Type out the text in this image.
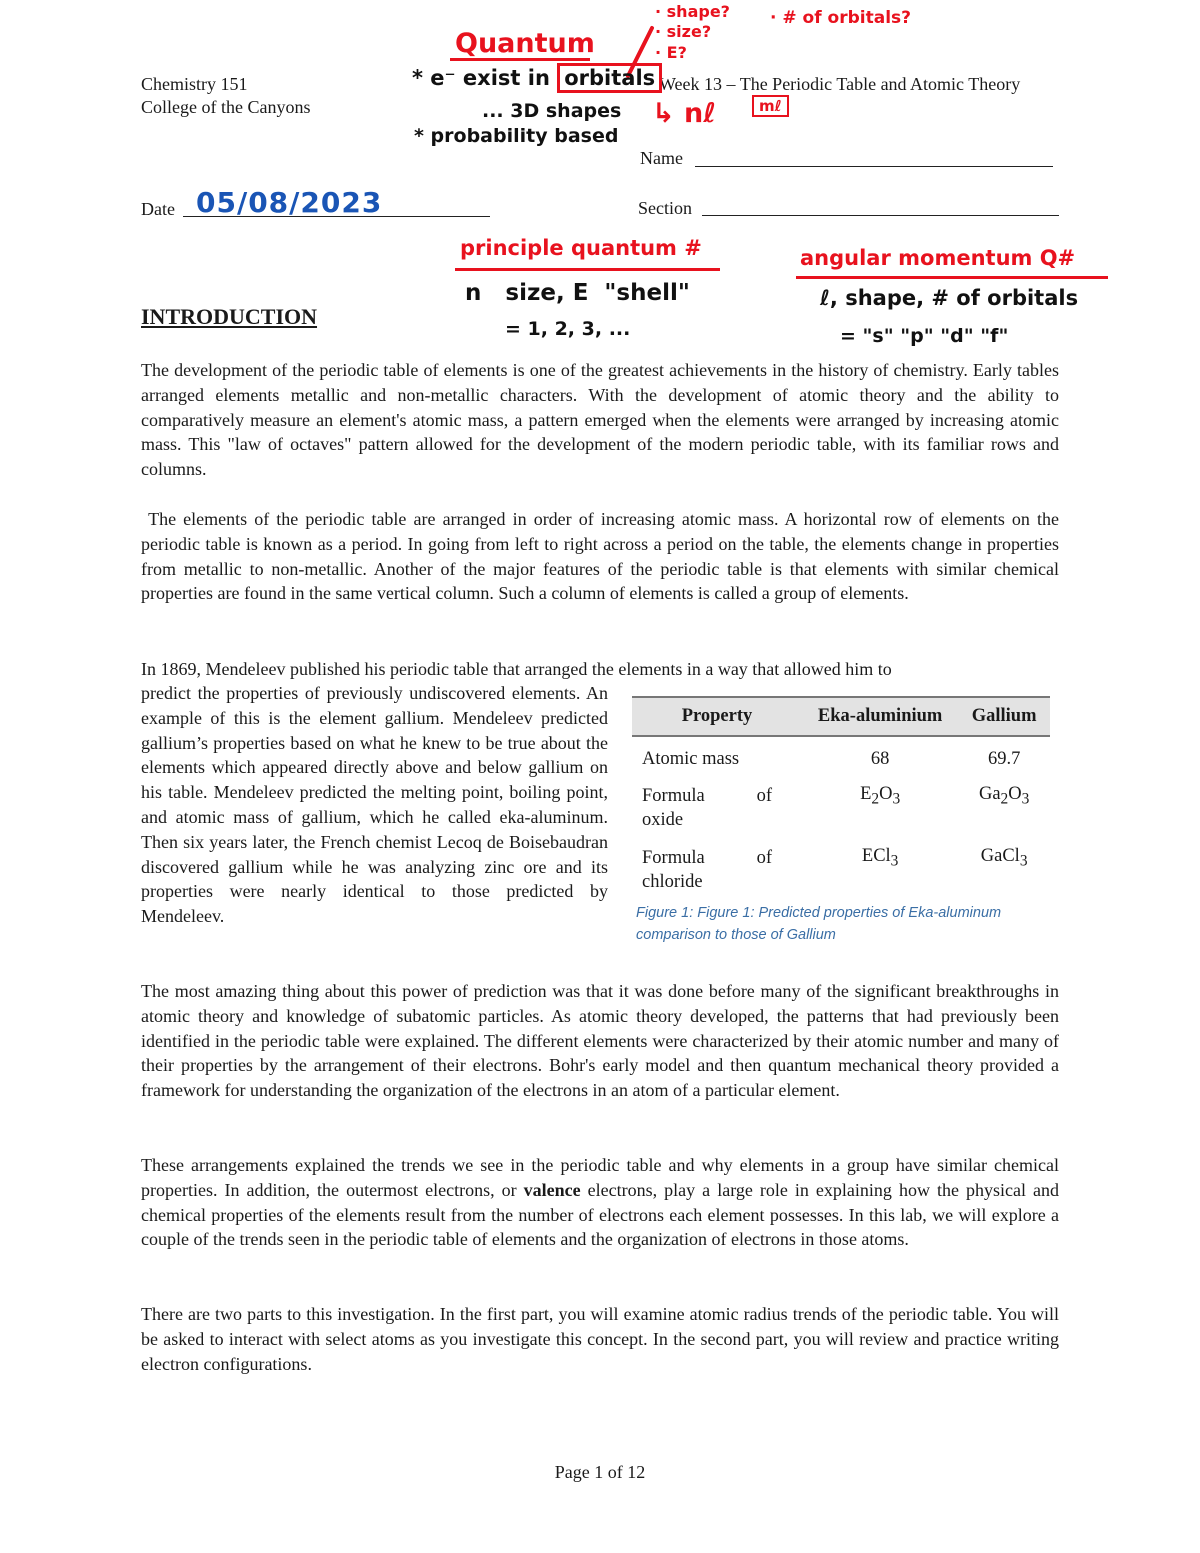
Chemistry 151
College of the Canyons
Week 13 – The Periodic Table and Atomic Theory
Name
Date	Section
Quantum
· shape?
· size?
· E?
· # of orbitals?
* e⁻ exist in orbitals
... 3D shapes
* probability based
↳ nℓ	mℓ
05/08/2023
principle quantum #
n   size, E  "shell"
= 1, 2, 3, ...
angular momentum Q#
ℓ, shape, # of orbitals
= "s" "p" "d" "f"
INTRODUCTION
The development of the periodic table of elements is one of the greatest achievements in the history of chemistry. Early tables arranged elements metallic and non-metallic characters. With the development of atomic theory and the ability to comparatively measure an element's atomic mass, a pattern emerged when the elements were arranged by increasing atomic mass. This "law of octaves" pattern allowed for the development of the modern periodic table, with its familiar rows and columns.
The elements of the periodic table are arranged in order of increasing atomic mass. A horizontal row of elements on the periodic table is known as a period. In going from left to right across a period on the table, the elements change in properties from metallic to non-metallic. Another of the major features of the periodic table is that elements with similar chemical properties are found in the same vertical column. Such a column of elements is called a group of elements.
In 1869, Mendeleev published his periodic table that arranged the elements in a way that allowed him to
predict the properties of previously undiscovered elements. An example of this is the element gallium. Mendeleev predicted gallium’s properties based on what he knew to be true about the elements which appeared directly above and below gallium on his table. Mendeleev predicted the melting point, boiling point, and atomic mass of gallium, which he called eka-aluminum. Then six years later, the French chemist Lecoq de Boisebaudran discovered gallium while he was analyzing zinc ore and its properties were nearly identical to those predicted by Mendeleev.
Property	Eka-aluminium	Gallium
Atomic mass	68	69.7

Formula of
oxide	$E_2O_3$	$Ga_2O_3$

Formula of
chloride	ECl$_3$	GaCl$_3$
Figure 1: Figure 1: Predicted properties of Eka-aluminum
comparison to those of Gallium
The most amazing thing about this power of prediction was that it was done before many of the significant breakthroughs in atomic theory and knowledge of subatomic particles. As atomic theory developed, the patterns that had previously been identified in the periodic table were explained. The different elements were characterized by their atomic number and many of their properties by the arrangement of their electrons. Bohr's early model and then quantum mechanical theory provided a framework for understanding the organization of the electrons in an atom of a particular element.
These arrangements explained the trends we see in the periodic table and why elements in a group have similar chemical properties. In addition, the outermost electrons, or valence electrons, play a large role in explaining how the physical and chemical properties of the elements result from the number of electrons each element possesses. In this lab, we will explore a couple of the trends seen in the periodic table of elements and the organization of electrons in those atoms.
There are two parts to this investigation. In the first part, you will examine atomic radius trends of the periodic table. You will be asked to interact with select atoms as you investigate this concept. In the second part, you will review and practice writing electron configurations.
Page 1 of 12
